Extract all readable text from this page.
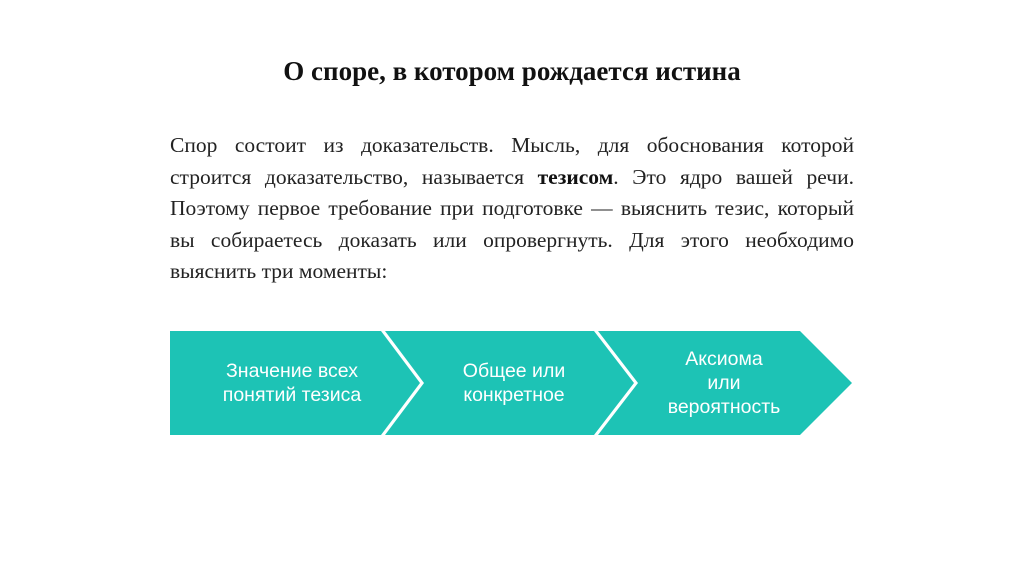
О споре, в котором рождается истина

Спор состоит из доказательств. Мысль, для обоснования которой строится доказательство, называется тезисом. Это ядро вашей речи. Поэтому первое требование при подготовке — выяснить тезис, который вы собираетесь доказать или опровергнуть. Для этого необходимо выяснить три моменты:

Значение всех
понятий тезиса
Общее или
конкретное
Аксиома
или
вероятность
